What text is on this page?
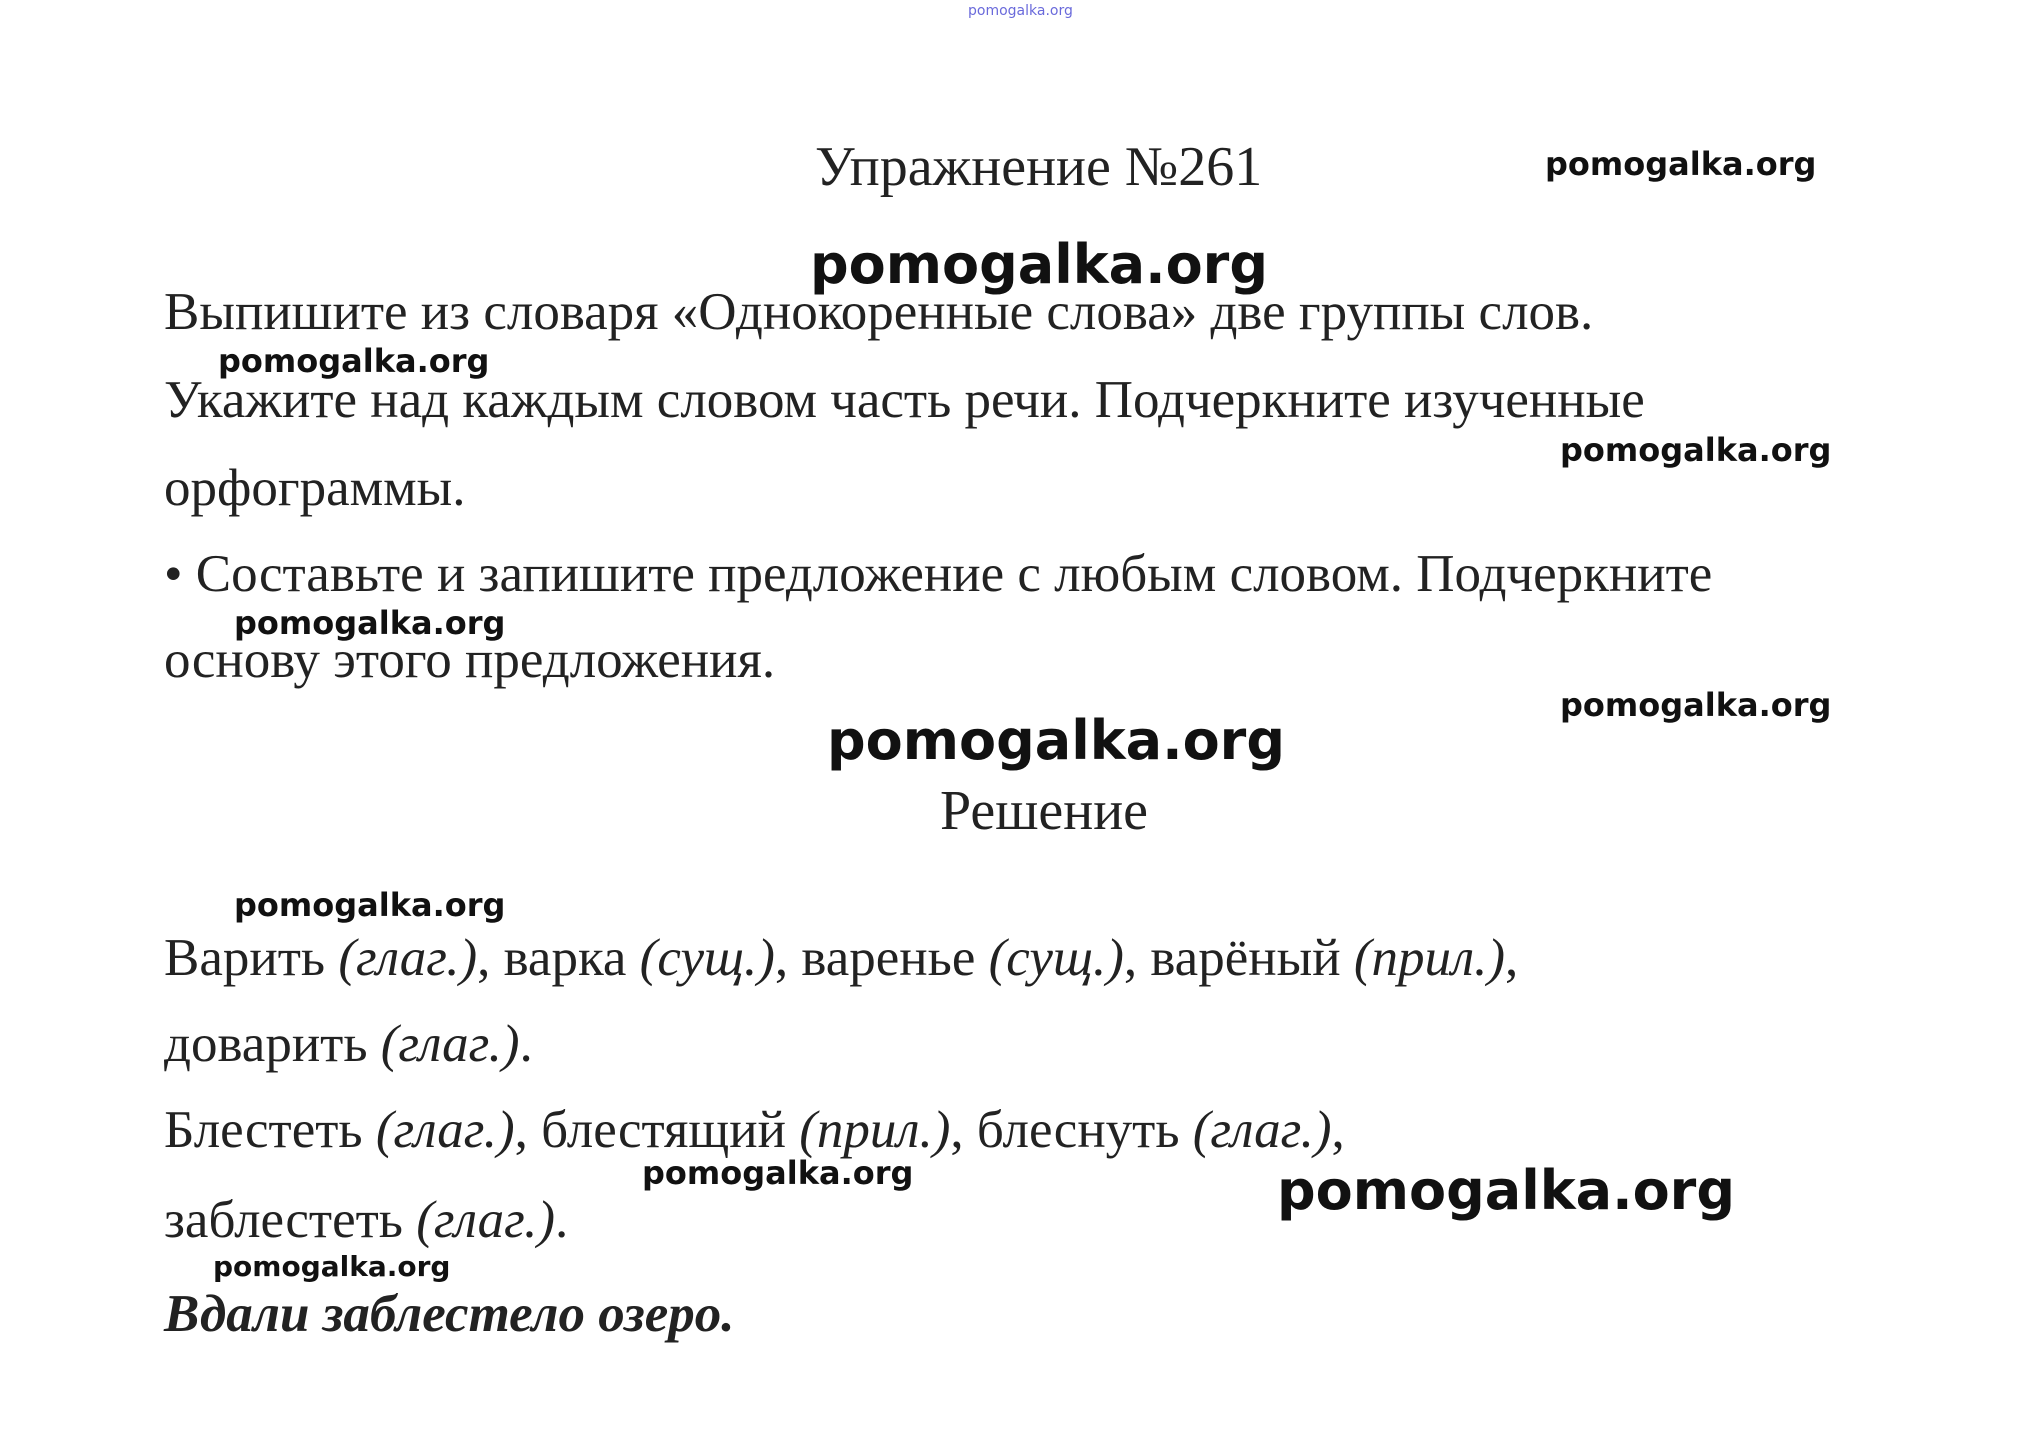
pomogalka.org
pomogalka.org
pomogalka.org
pomogalka.org
pomogalka.org
pomogalka.org
pomogalka.org
pomogalka.org
pomogalka.org
pomogalka.org	pomogalka.org
pomogalka.org
Упражнение №261
Выпишите из словаря «Однокоренные слова» две группы слов.
Укажите над каждым словом часть речи. Подчеркните изученные
орфограммы.
• Составьте и запишите предложение с любым словом. Подчеркните
основу этого предложения.
Решение
Варить (глаг.), варка (сущ.), варенье (сущ.), варёный (прил.),
доварить (глаг.).
Блестеть (глаг.), блестящий (прил.), блеснуть (глаг.),
заблестеть (глаг.).
Вдали заблестело озеро.
